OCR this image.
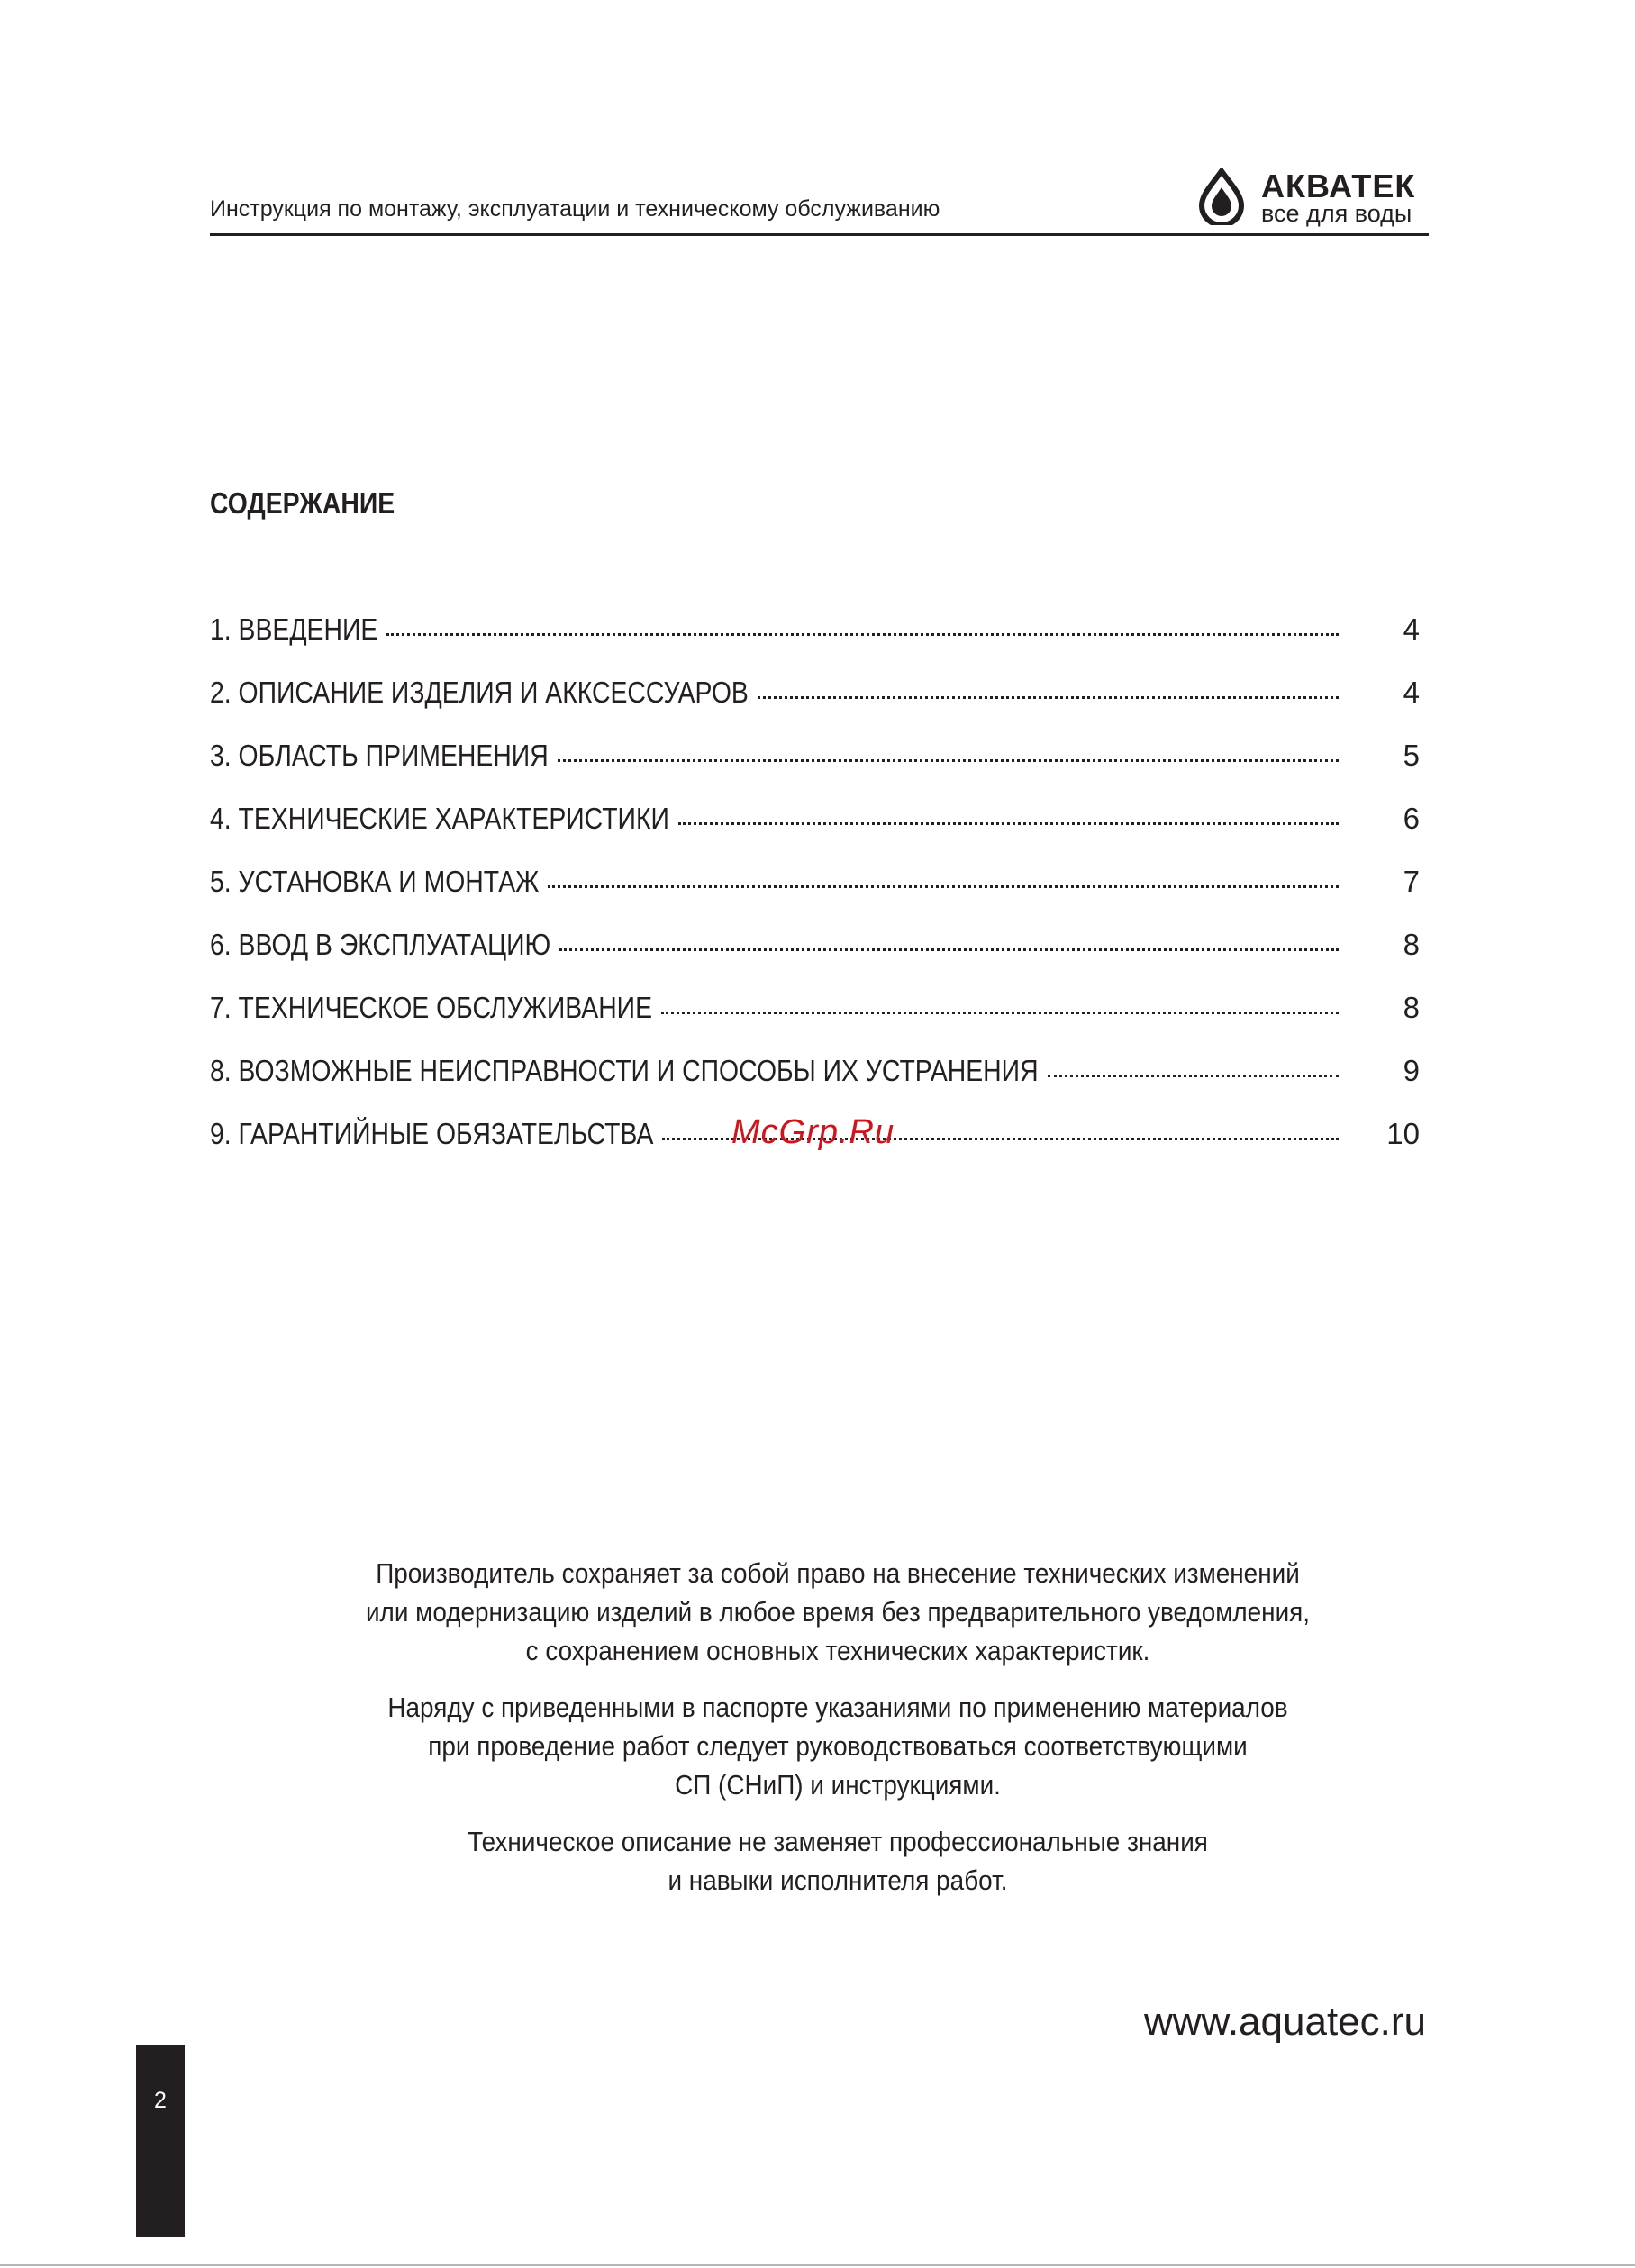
Инструкция по монтажу, эксплуатации и техническому обслуживанию
АКВАТЕК
все для воды
СОДЕРЖАНИЕ
1. ВВЕДЕНИЕ	4
2. ОПИСАНИЕ ИЗДЕЛИЯ И АККСЕССУАРОВ	4
3. ОБЛАСТЬ ПРИМЕНЕНИЯ	5
4. ТЕХНИЧЕСКИЕ ХАРАКТЕРИСТИКИ	6
5. УСТАНОВКА И МОНТАЖ	7
6. ВВОД В ЭКСПЛУАТАЦИЮ	8
7. ТЕХНИЧЕСКОЕ ОБСЛУЖИВАНИЕ	8
8. ВОЗМОЖНЫЕ НЕИСПРАВНОСТИ И СПОСОБЫ ИХ УСТРАНЕНИЯ	9
9. ГАРАНТИЙНЫЕ ОБЯЗАТЕЛЬСТВА	10
McGrp.Ru

Производитель сохраняет за собой право на внесение технических изменений
или модернизацию изделий в любое время без предварительного уведомления,
с сохранением основных технических характеристик.

Наряду с приведенными в паспорте указаниями по применению материалов
при проведение работ следует руководствоваться соответствующими
СП (СНиП) и инструкциями.

Техническое описание не заменяет профессиональные знания
и навыки исполнителя работ.

www.aquatec.ru
2
